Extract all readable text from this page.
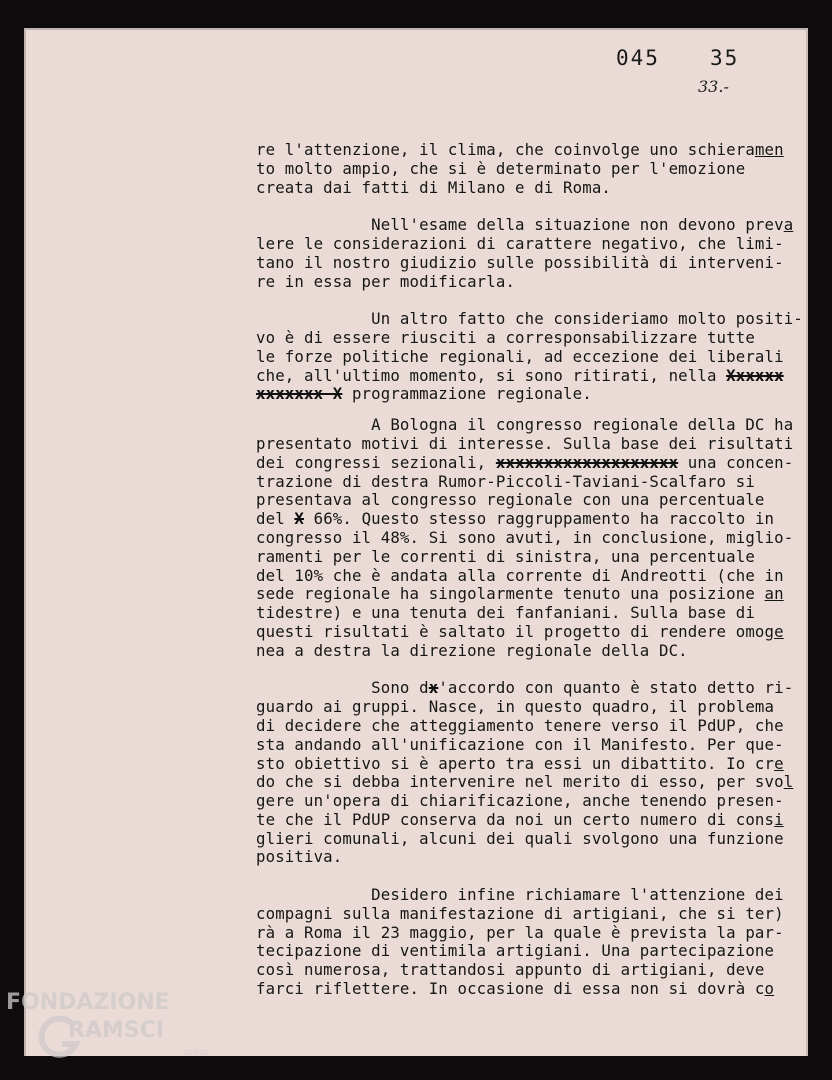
045 35
33.-
re l'attenzione, il clima, che coinvolge uno schieramen
to molto ampio, che si è determinato per l'emozione
creata dai fatti di Milano e di Roma.
Nell'esame della situazione non devono preva
lere le considerazioni di carattere negativo, che limi-
tano il nostro giudizio sulle possibilità di interveni-
re in essa per modificarla.
Un altro fatto che consideriamo molto positi-
vo è di essere riusciti a corresponsabilizzare tutte
le forze politiche regionali, ad eccezione dei liberali
che, all'ultimo momento, si sono ritirati, nella Xxxxxx
xxxxxxx X programmazione regionale.
A Bologna il congresso regionale della DC ha
presentato motivi di interesse. Sulla base dei risultati
dei congressi sezionali, xxxxxxxxxxxxxxxxxxx una concen-
trazione di destra Rumor-Piccoli-Taviani-Scalfaro si
presentava al congresso regionale con una percentuale
del X 66%. Questo stesso raggruppamento ha raccolto in
congresso il 48%. Si sono avuti, in conclusione, miglio-
ramenti per le correnti di sinistra, una percentuale
del 10% che è andata alla corrente di Andreotti (che in
sede regionale ha singolarmente tenuto una posizione an
tidestre) e una tenuta dei fanfaniani. Sulla base di
questi risultati è saltato il progetto di rendere omoge
nea a destra la direzione regionale della DC.
Sono dx'accordo con quanto è stato detto ri-
guardo ai gruppi. Nasce, in questo quadro, il problema
di decidere che atteggiamento tenere verso il PdUP, che
sta andando all'unificazione con il Manifesto. Per que-
sto obiettivo si è aperto tra essi un dibattito. Io cre
do che si debba intervenire nel merito di esso, per svol
gere un'opera di chiarificazione, anche tenendo presen-
te che il PdUP conserva da noi un certo numero di consi
glieri comunali, alcuni dei quali svolgono una funzione
positiva.
Desidero infine richiamare l'attenzione dei
compagni sulla manifestazione di artigiani, che si ter)
rà a Roma il 23 maggio, per la quale è prevista la par-
tecipazione di ventimila artigiani. Una partecipazione
così numerosa, trattandosi appunto di artigiani, deve
farci riflettere. In occasione di essa non si dovrà co
FONDAZIONE
RAMSCI
onlus
